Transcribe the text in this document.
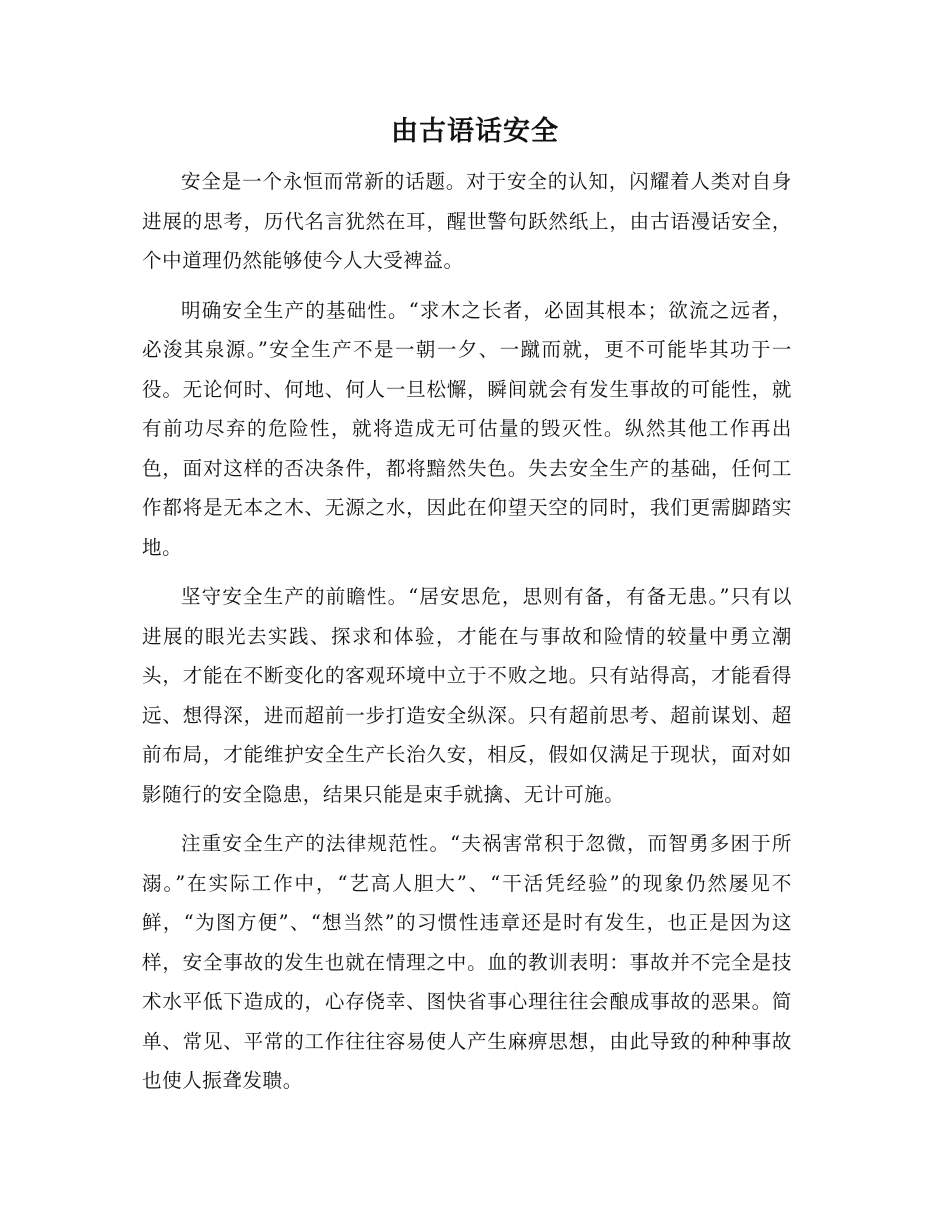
由古语话安全

安全是一个永恒而常新的话题。对于安全的认知，闪耀着人类对自身进展的思考，历代名言犹然在耳，醒世警句跃然纸上，由古语漫话安全，个中道理仍然能够使今人大受裨益。

明确安全生产的基础性。“求木之长者，必固其根本；欲流之远者，必浚其泉源。”安全生产不是一朝一夕、一蹴而就，更不可能毕其功于一役。无论何时、何地、何人一旦松懈，瞬间就会有发生事故的可能性，就有前功尽弃的危险性，就将造成无可估量的毁灭性。纵然其他工作再出色，面对这样的否决条件，都将黯然失色。失去安全生产的基础，任何工作都将是无本之木、无源之水，因此在仰望天空的同时，我们更需脚踏实地。

坚守安全生产的前瞻性。“居安思危，思则有备，有备无患。”只有以进展的眼光去实践、探求和体验，才能在与事故和险情的较量中勇立潮头，才能在不断变化的客观环境中立于不败之地。只有站得高，才能看得远、想得深，进而超前一步打造安全纵深。只有超前思考、超前谋划、超前布局，才能维护安全生产长治久安，相反，假如仅满足于现状，面对如影随行的安全隐患，结果只能是束手就擒、无计可施。

注重安全生产的法律规范性。“夫祸害常积于忽微，而智勇多困于所溺。”在实际工作中，“艺高人胆大”、“干活凭经验”的现象仍然屡见不鲜，“为图方便”、“想当然”的习惯性违章还是时有发生，也正是因为这样，安全事故的发生也就在情理之中。血的教训表明：事故并不完全是技术水平低下造成的，心存侥幸、图快省事心理往往会酿成事故的恶果。简单、常见、平常的工作往往容易使人产生麻痹思想，由此导致的种种事故也使人振聋发聩。
